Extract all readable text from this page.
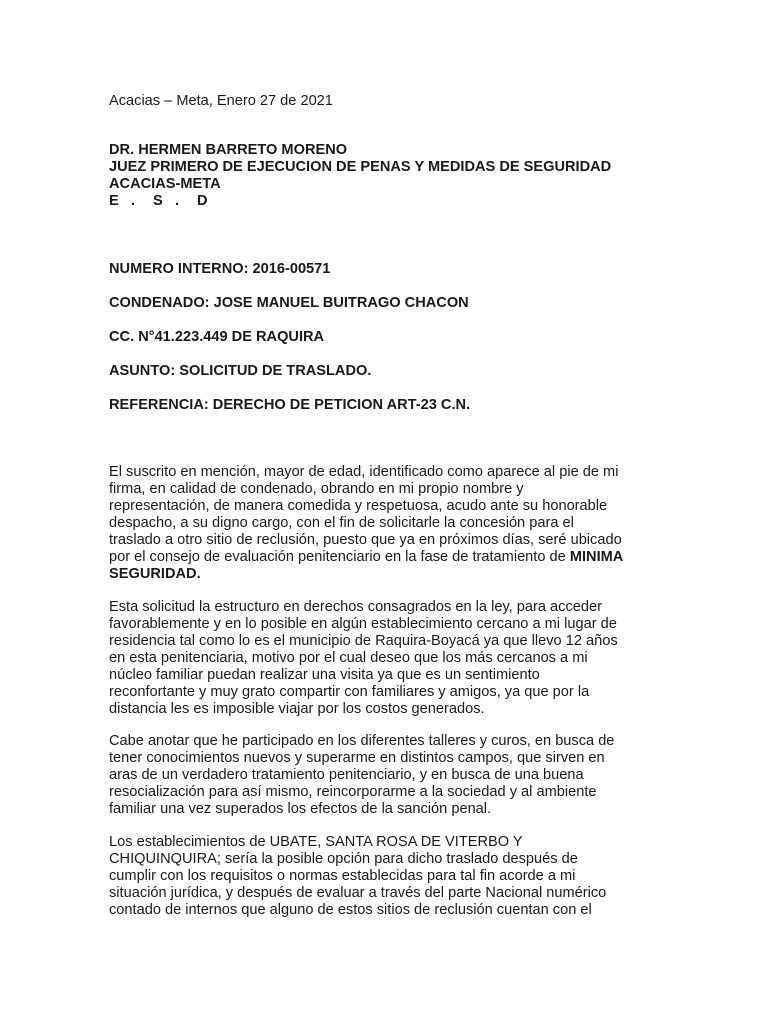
Acacias – Meta, Enero 27 de 2021
DR. HERMEN BARRETO MORENO
JUEZ PRIMERO DE EJECUCION DE PENAS Y MEDIDAS DE SEGURIDAD
ACACIAS-META
E . S . D
NUMERO INTERNO: 2016-00571
CONDENADO: JOSE MANUEL BUITRAGO CHACON
CC. N°41.223.449 DE RAQUIRA
ASUNTO: SOLICITUD DE TRASLADO.
REFERENCIA: DERECHO DE PETICION ART-23 C.N.
El suscrito en mención, mayor de edad, identificado como aparece al pie de mi
firma, en calidad de condenado, obrando en mi propio nombre y
representación, de manera comedida y respetuosa, acudo ante su honorable
despacho, a su digno cargo, con el fin de solicitarle la concesión para el
traslado a otro sitio de reclusión, puesto que ya en próximos días, seré ubicado
por el consejo de evaluación penitenciario en la fase de tratamiento de MINIMA
SEGURIDAD.
Esta solicitud la estructuro en derechos consagrados en la ley, para acceder
favorablemente y en lo posible en algún establecimiento cercano a mi lugar de
residencia tal como lo es el municipio de Raquira-Boyacá ya que llevo 12 años
en esta penitenciaria, motivo por el cual deseo que los más cercanos a mi
núcleo familiar puedan realizar una visita ya que es un sentimiento
reconfortante y muy grato compartir con familiares y amigos, ya que por la
distancia les es imposible viajar por los costos generados.
Cabe anotar que he participado en los diferentes talleres y curos, en busca de
tener conocimientos nuevos y superarme en distintos campos, que sirven en
aras de un verdadero tratamiento penitenciario, y en busca de una buena
resocialización para así mismo, reincorporarme a la sociedad y al ambiente
familiar una vez superados los efectos de la sanción penal.
Los establecimientos de UBATE, SANTA ROSA DE VITERBO Y
CHIQUINQUIRA; sería la posible opción para dicho traslado después de
cumplir con los requisitos o normas establecidas para tal fin acorde a mi
situación jurídica, y después de evaluar a través del parte Nacional numérico
contado de internos que alguno de estos sitios de reclusión cuentan con el
